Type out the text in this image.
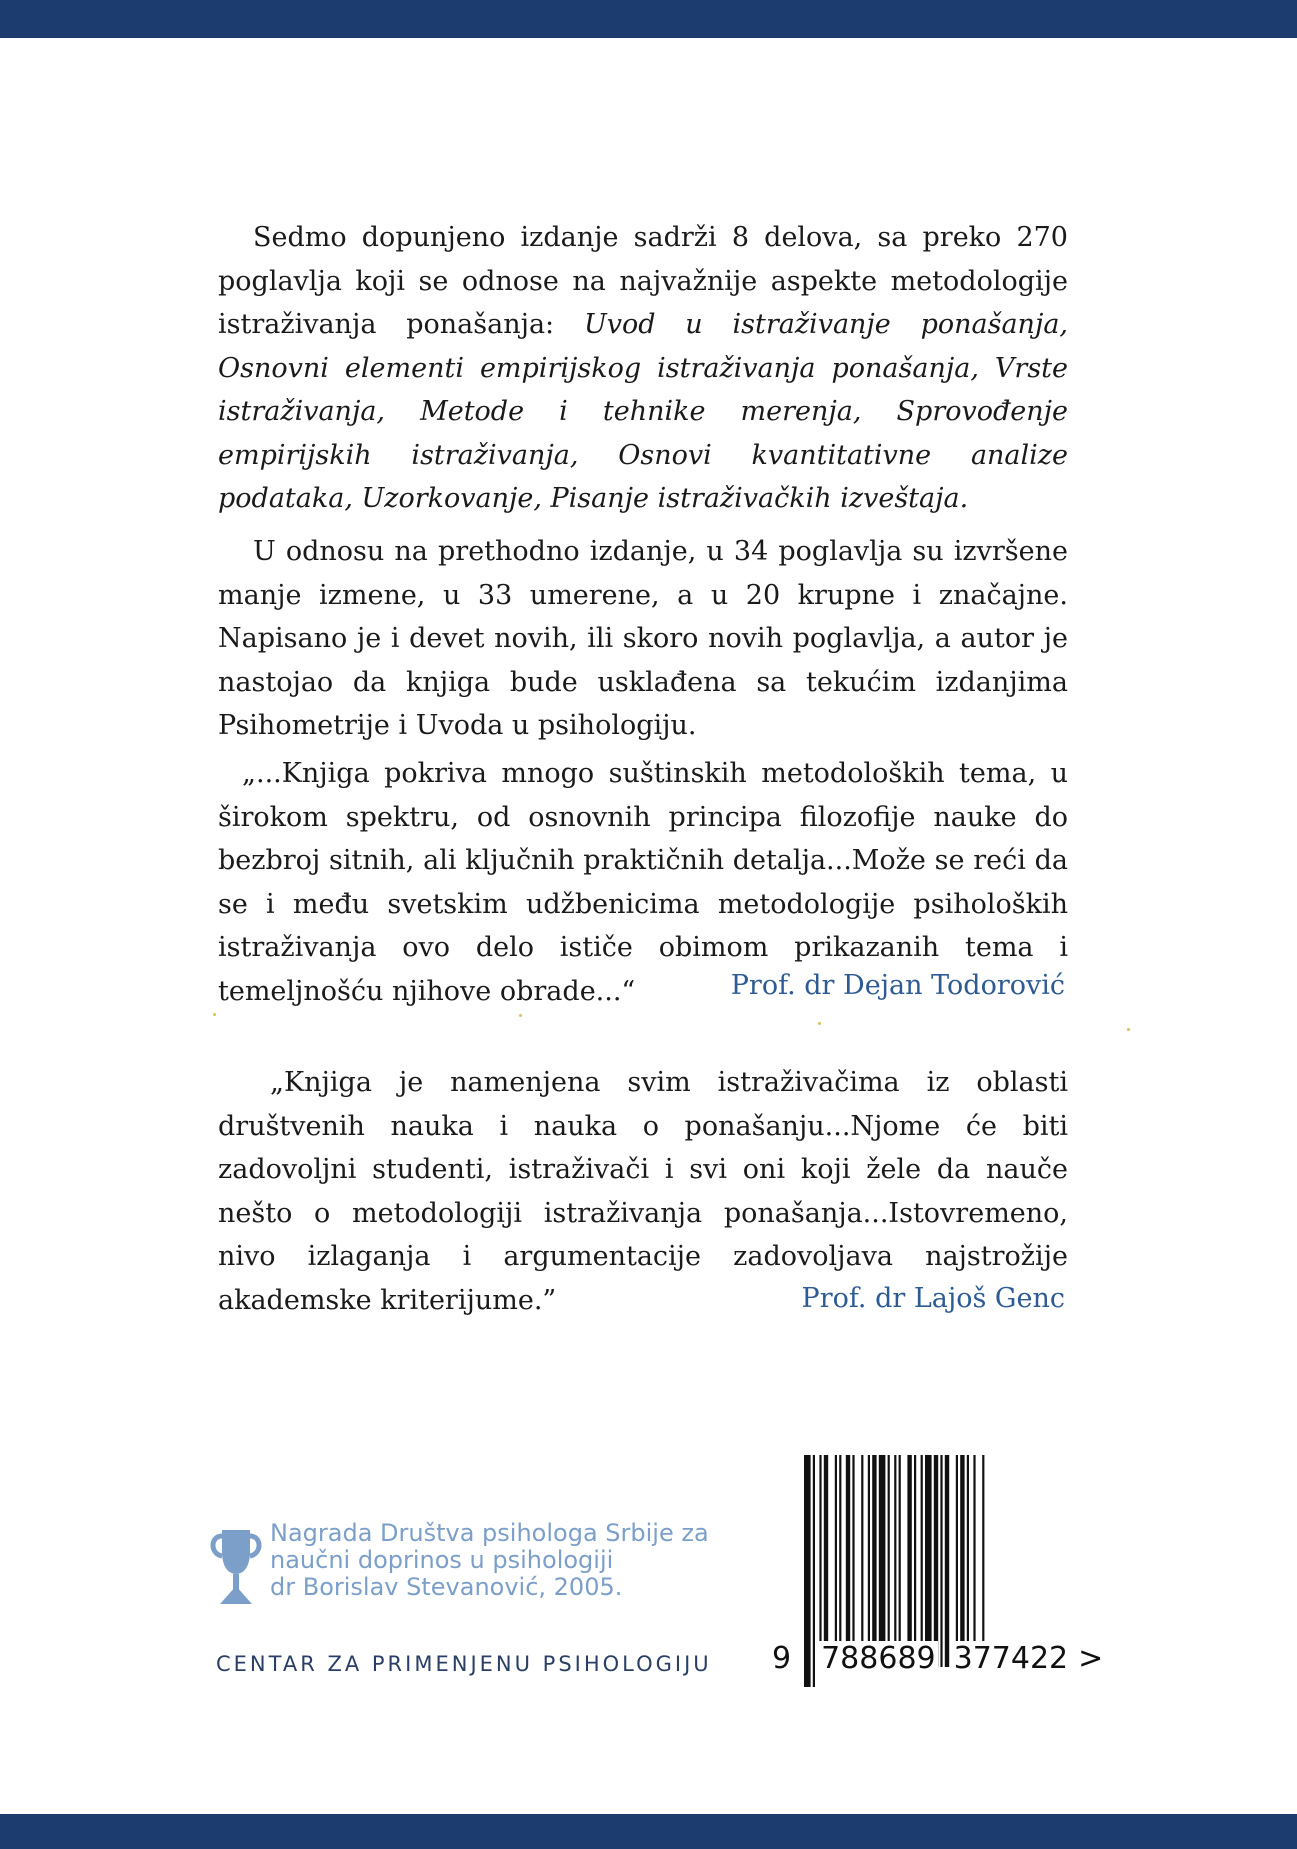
Sedmo dopunjeno izdanje sadrži 8 delova, sa preko 270 poglavlja koji se odnose na najvažnije aspekte metodologije istraživanja ponašanja: Uvod u istraživanje ponašanja, Osnovni elementi empirijskog istraživanja ponašanja, Vrste istraživanja, Metode i tehnike merenja, Sprovođenje empirijskih istraživanja, Osnovi kvantitativne analize podataka, Uzorkovanje, Pisanje istraživačkih izveštaja.
U odnosu na prethodno izdanje, u 34 poglavlja su izvršene manje izmene, u 33 umerene, a u 20 krupne i značajne. Napisano je i devet novih, ili skoro novih poglavlja, a autor je nastojao da knjiga bude usklađena sa tekućim izdanjima Psihometrije i Uvoda u psihologiju.
„...Knjiga pokriva mnogo suštinskih metodoloških tema, u širokom spektru, od osnovnih principa filozofije nauke do bezbroj sitnih, ali ključnih praktičnih detalja...Može se reći da se i među svetskim udžbenicima metodologije psiholoških istraživanja ovo delo ističe obimom prikazanih tema i temeljnošću njihove obrade...“	Prof. dr Dejan Todorović
„Knjiga je namenjena svim istraživačima iz oblasti društvenih nauka i nauka o ponašanju...Njome će biti zadovoljni studenti, istraživači i svi oni koji žele da nauče nešto o metodologiji istraživanja ponašanja...Istovremeno, nivo izlaganja i argumentacije zadovoljava najstrožije akademske kriterijume.”	Prof. dr Lajoš Genc
Nagrada Društva psihologa Srbije za
naučni doprinos u psihologiji
dr Borislav Stevanović, 2005.
CENTAR ZA PRIMENJENU PSIHOLOGIJU 9 788689 377422 >
